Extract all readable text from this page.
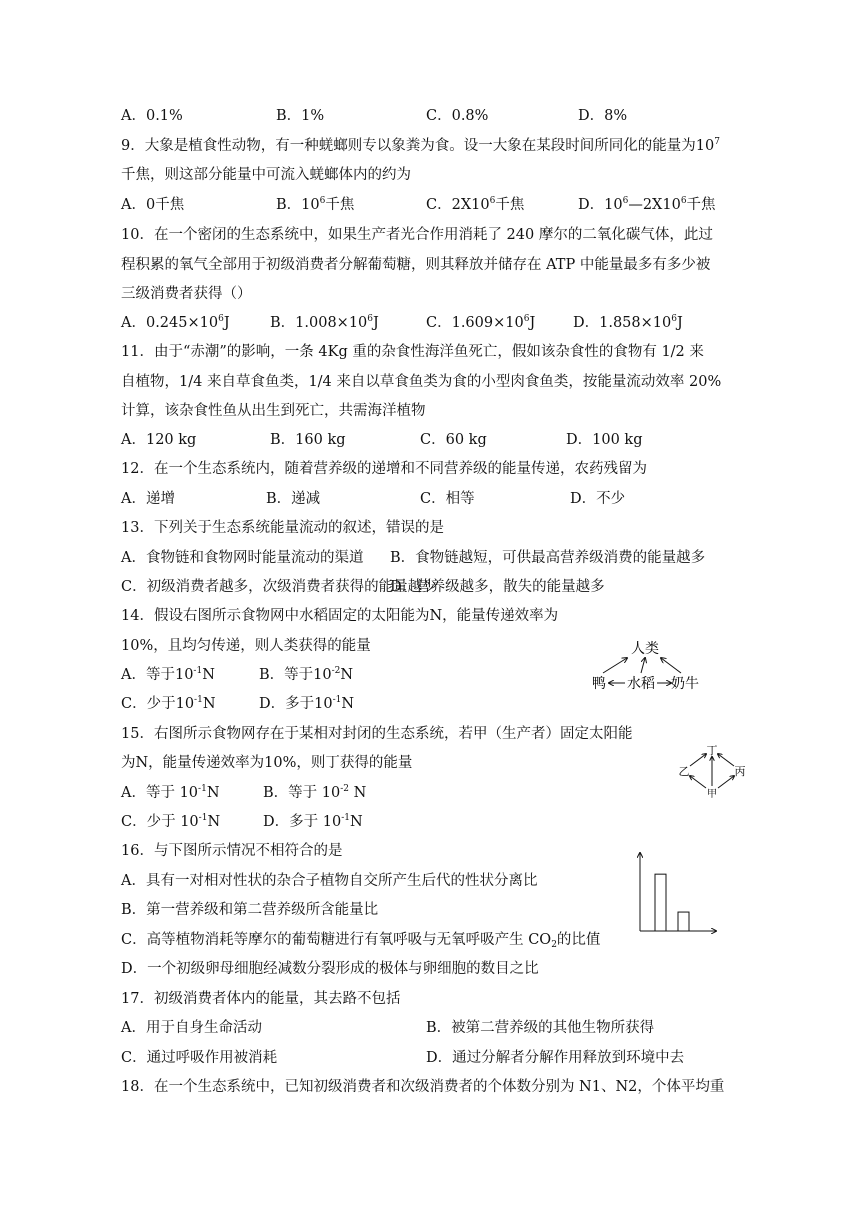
A．0.1%	B．1%	C．0.8%	D．8%
9．大象是植食性动物，有一种蜣螂则专以象粪为食。设一大象在某段时间所同化的能量为$10^7$
千焦，则这部分能量中可流入蜣螂体内的约为
A．0千焦	B．$10^6$千焦	C．$2X10^6$千焦	D．$10^6—2X10^6$千焦
10．在一个密闭的生态系统中，如果生产者光合作用消耗了 240 摩尔的二氧化碳气体，此过
程积累的氧气全部用于初级消费者分解葡萄糖，则其释放并储存在 ATP 中能量最多有多少被
三级消费者获得（）
A．$0.245\times 10^6J$	B．$1.008\times 10^6J$	C．$1.609\times 10^6J$	D．$1.858\times 10^6J$
11．由于“赤潮”的影响，一条 4Kg 重的杂食性海洋鱼死亡，假如该杂食性的食物有 1/2 来
自植物，1/4 来自草食鱼类，1/4 来自以草食鱼类为食的小型肉食鱼类，按能量流动效率 20%
计算，该杂食性鱼从出生到死亡，共需海洋植物
A．120 kg	B．160 kg	C．60 kg	D．100 kg
12．在一个生态系统内，随着营养级的递增和不同营养级的能量传递，农药残留为
A．递增	B．递减	C．相等	D．不少
13．下列关于生态系统能量流动的叙述，错误的是
A．食物链和食物网时能量流动的渠道 B．食物链越短，可供最高营养级消费的能量越多
C．初级消费者越多，次级消费者获得的能量越少
D．营养级越多，散失的能量越多
14．假设右图所示食物网中水稻固定的太阳能为N，能量传递效率为
10%，且均匀传递，则人类获得的能量
A．等于$10^{-1}N$	B．等于$10^{-2}N$
C．少于$10^{-1}N$	D．多于$10^{-1}N$
人类
鸭 水稻 奶牛
15．右图所示食物网存在于某相对封闭的生态系统，若甲（生产者）固定太阳能
为N，能量传递效率为10%，则丁获得的能量
A．等于 $10^{-1}N$	B．等于 $10^{-2}$ N
C．少于 $10^{-1}N$	D．多于 $10^{-1}N$
丁
乙	丙
甲
16．与下图所示情况不相符合的是
A．具有一对相对性状的杂合子植物自交所产生后代的性状分离比
B．第一营养级和第二营养级所含能量比
C．高等植物消耗等摩尔的葡萄糖进行有氧呼吸与无氧呼吸产生 $CO_2$的比值
D．一个初级卵母细胞经减数分裂形成的极体与卵细胞的数目之比
17．初级消费者体内的能量，其去路不包括
A．用于自身生命活动	B．被第二营养级的其他生物所获得
C．通过呼吸作用被消耗	D．通过分解者分解作用释放到环境中去
18．在一个生态系统中，已知初级消费者和次级消费者的个体数分别为 N1、N2，个体平均重
